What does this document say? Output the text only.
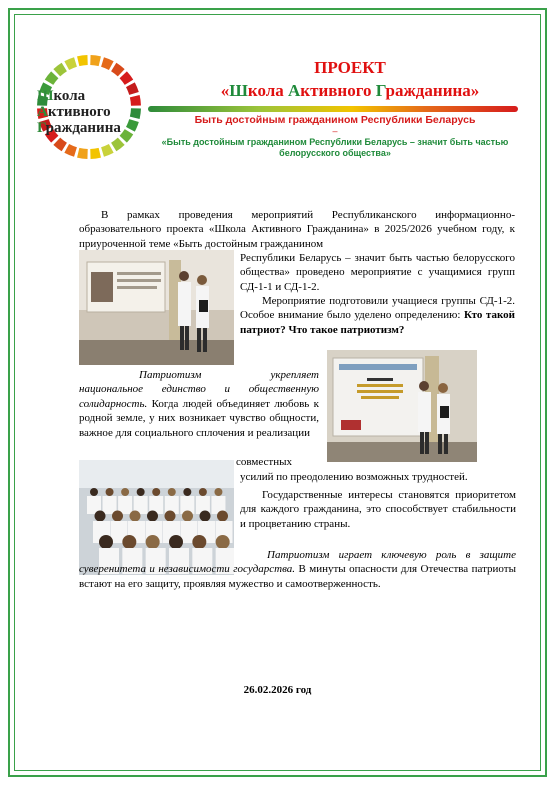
Школа
Активного
Гражданина
ПРОЕКТ
«Школа Активного Гражданина»
Быть достойным гражданином Республики Беларусь
–
«Быть достойным гражданином Республики Беларусь – значит быть частью белорусского общества»
В рамках проведения мероприятий Республиканского информационно-образовательного проекта «Школа Активного Гражданина» в 2025/2026 учебном году, к приуроченной теме «Быть достойным гражданином
Республики Беларусь – значит быть частью белорусского общества» проведено мероприятие с учащимися групп СД-1-1 и СД-1-2.
Мероприятие подготовили учащиеся группы СД-1-2. Особое внимание было уделено определению: Кто такой патриот? Что такое патриотизм?
Патриотизм укрепляет национальное единство и общественную солидарность. Когда людей объединяет любовь к родной земле, у них возникает чувство общности, важное для социального сплочения и реализации
совместных
усилий по преодолению возможных трудностей.
Государственные интересы становятся приоритетом для каждого гражданина, это способствует стабильности и процветанию страны.
Патриотизм играет ключевую роль в защите суверенитета и независимости государства. В минуты опасности для Отечества патриоты встают на его защиту, проявляя мужество и самоотверженность.
26.02.2026 год
